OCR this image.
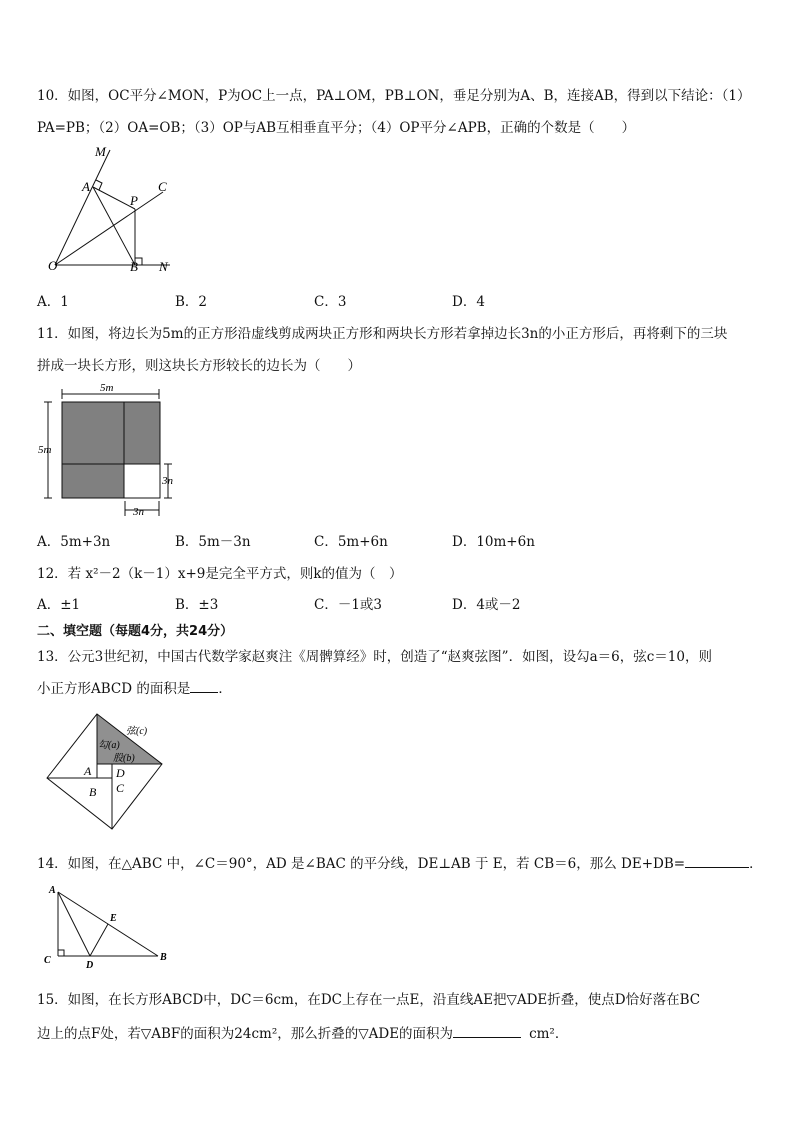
10．如图，OC平分∠MON，P为OC上一点，PA⊥OM，PB⊥ON，垂足分别为A、B，连接AB，得到以下结论：（1）
PA=PB；（2）OA=OB；（3）OP与AB互相垂直平分；（4）OP平分∠APB，正确的个数是（　　）
M
A	C
P
O	B N
A．1	B．2	C．3	D．4
11．如图，将边长为5m的正方形沿虚线剪成两块正方形和两块长方形若拿掉边长3n的小正方形后，再将剩下的三块
拼成一块长方形，则这块长方形较长的边长为（　　）
5m
5m
3n
3n
A．5m+3n	B．5m－3n	C．5m+6n	D．10m+6n
12．若 x²－2（k－1）x+9是完全平方式，则k的值为（　）
A．±1	B．±3	C．－1或3	D．4或－2
二、填空题（每题4分，共24分）
13．公元3世纪初，中国古代数学家赵爽注《周髀算经》时，创造了“赵爽弦图”．如图，设勾a＝6，弦c＝10，则
小正方形ABCD 的面积是 ．
弦(c)
勾(a)
股(b)
A D
B C
14．如图，在△ABC 中，∠C＝90°，AD 是∠BAC 的平分线，DE⊥AB 于 E，若 CB＝6，那么 DE+DB=	．
A
E
C	D
B
15．如图，在长方形ABCD中，DC＝6cm，在DC上存在一点E，沿直线AE把▽ADE折叠，使点D恰好落在BC
边上的点F处，若▽ABF的面积为24cm²，那么折叠的▽ADE的面积为	cm²．
